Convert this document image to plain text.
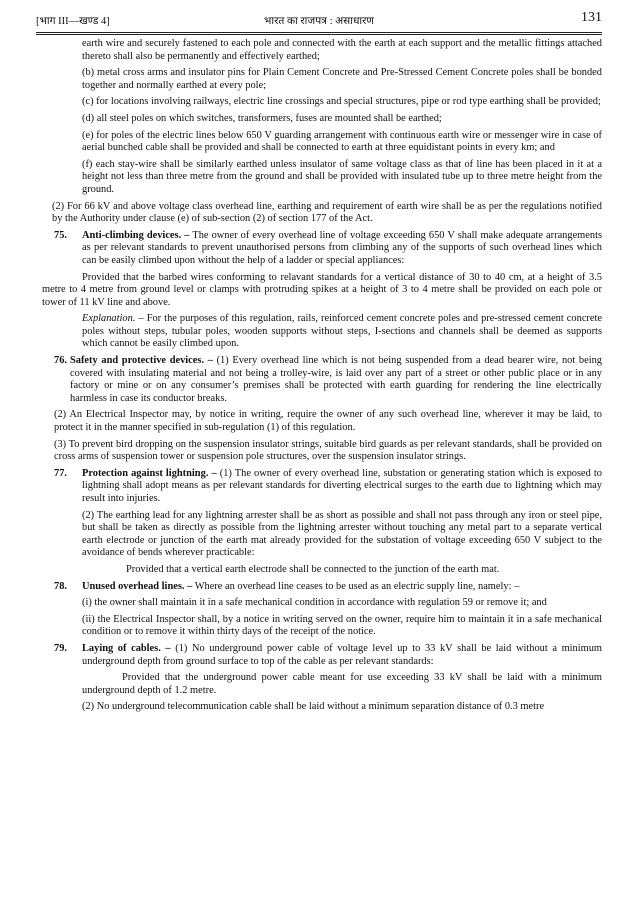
[भाग III—खण्ड 4]	भारत का राजपत्र : असाधारण	131

earth wire and securely fastened to each pole and connected with the earth at each support and the metallic fittings attached thereto shall also be permanently and effectively earthed;

(b) metal cross arms and insulator pins for Plain Cement Concrete and Pre-Stressed Cement Concrete poles shall be bonded together and normally earthed at every pole;

(c) for locations involving railways, electric line crossings and special structures, pipe or rod type earthing shall be provided;

(d) all steel poles on which switches, transformers, fuses are mounted shall be earthed;

(e) for poles of the electric lines below 650 V guarding arrangement with continuous earth wire or messenger wire in case of aerial bunched cable shall be provided and shall be connected to earth at three equidistant points in every km; and

(f) each stay-wire shall be similarly earthed unless insulator of same voltage class as that of line has been placed in it at a height not less than three metre from the ground and shall be provided with insulated tube up to three metre height from the ground.

(2) For 66 kV and above voltage class overhead line, earthing and requirement of earth wire shall be as per the regulations notified by the Authority under clause (e) of sub-section (2) of section 177 of the Act.

75.	Anti-climbing devices. – The owner of every overhead line of voltage exceeding 650 V shall make adequate arrangements as per relevant standards to prevent unauthorised persons from climbing any of the supports of such overhead lines which can be easily climbed upon without the help of a ladder or special appliances:

Provided that the barbed wires conforming to relavant standards for a vertical distance of 30 to 40 cm, at a height of 3.5 metre to 4 metre from ground level or clamps with protruding spikes at a height of 3 to 4 metre shall be provided on each pole or tower of 11 kV line and above.

Explanation. – For the purposes of this regulation, rails, reinforced cement concrete poles and pre-stressed cement concrete poles without steps, tubular poles, wooden supports without steps, I-sections and channels shall be deemed as supports which cannot be easily climbed upon.

76. Safety and protective devices. – (1) Every overhead line which is not being suspended from a dead bearer wire, not being covered with insulating material and not being a trolley-wire, is laid over any part of a street or other public place or in any factory or mine or on any consumer’s premises shall be protected with earth guarding for rendering the line electrically harmless in case its conductor breaks.

(2) An Electrical Inspector may, by notice in writing, require the owner of any such overhead line, wherever it may be laid, to protect it in the manner specified in sub-regulation (1) of this regulation.

(3) To prevent bird dropping on the suspension insulator strings, suitable bird guards as per relevant standards, shall be provided on cross arms of suspension tower or suspension pole structures, over the suspension insulator strings.

77.	Protection against lightning. – (1) The owner of every overhead line, substation or generating station which is exposed to lightning shall adopt means as per relevant standards for diverting electrical surges to the earth due to lightning which may result into injuries.

(2) The earthing lead for any lightning arrester shall be as short as possible and shall not pass through any iron or steel pipe, but shall be taken as directly as possible from the lightning arrester without touching any metal part to a separate vertical earth electrode or junction of the earth mat already provided for the substation of voltage exceeding 650 V subject to the avoidance of bends wherever practicable:

Provided that a vertical earth electrode shall be connected to the junction of the earth mat.

78.	Unused overhead lines. – Where an overhead line ceases to be used as an electric supply line, namely: –

(i) the owner shall maintain it in a safe mechanical condition in accordance with regulation 59 or remove it; and

(ii) the Electrical Inspector shall, by a notice in writing served on the owner, require him to maintain it in a safe mechanical condition or to remove it within thirty days of the receipt of the notice.

79.	Laying of cables. – (1) No underground power cable of voltage level up to 33 kV shall be laid without a minimum underground depth from ground surface to top of the cable as per relevant standards:

Provided that the underground power cable meant for use exceeding 33 kV shall be laid with a minimum underground depth of 1.2 metre.

(2) No underground telecommunication cable shall be laid without a minimum separation distance of 0.3 metre
